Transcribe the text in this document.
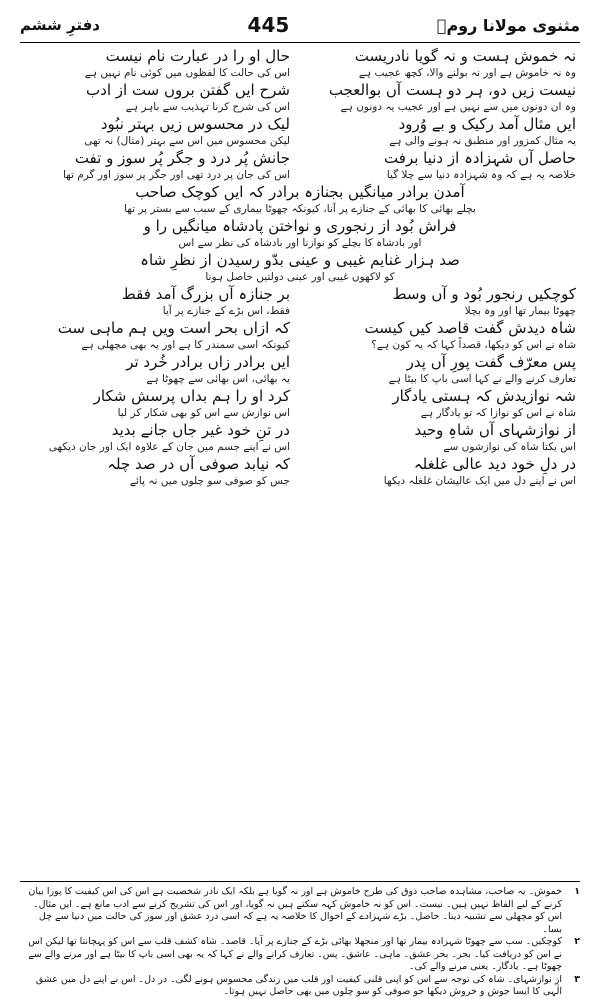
مثنوی مولانا رومؒ
445
دفترِ ششم
نہ خموش ہست و نہ گویا نادریست
وہ نہ خاموش ہے اور نہ بولنے والا، کچھ عجیب ہے
حال او را در عبارت نام نیست
اس کی حالت کا لفظوں میں کوئی نام نہیں ہے
نیست زیں دو، ہر دو ہست آں بوالعجب
وہ ان دونوں میں سے نہیں ہے اور عجیب یہ دونوں ہے
شرح ایں گفتن بروں ست از ادب
اس کی شرح کرنا تہذیب سے باہر ہے
ایں مثال آمد رکیک و بے وُرود
یہ مثال کمزور اور منطبق نہ ہونے والی ہے
لیک در محسوس زیں بہتر نبُود
لیکن محسوس میں اس سے بہتر (مثال) نہ تھی
حاصل آں شہزادہ از دنیا برفت
خلاصہ یہ ہے کہ وہ شہزادہ دنیا سے چلا گیا
جانش پُر درد و جگر پُر سوز و تفت
اس کی جان پر درد تھی اور جگر پر سوز اور گرم تھا
آمدن برادر میانگیں بجنازہ برادر کہ ایں کوچک صاحب
بچلے بھائی کا بھائی کے جنازے پر آنا، کیونکہ چھوٹا بیماری کے سبب سے بستر پر تھا
فراش بُود از رنجوری و نواختن پادشاہ میانگیں را و
اور بادشاہ کا بچلے کو نوازنا اور بادشاہ کی نظر سے اس
صد ہزار غنایم غیبی و عینی بدّو رسیدن از نظرِ شاہ
کو لاکھوں غیبی اور عینی دولتیں حاصل ہونا
کوچکیں رنجور بُود و آں وسط
چھوٹا بیمار تھا اور وہ بچلا
بر جنازہ آں بزرگ آمد فقط
فقط، اس بڑے کے جنازے پر آیا
شاہ دیدش گفت قاصد کیں کیست
شاہ نے اس کو دیکھا، قصداً کہا کہ یہ کون ہے؟
کہ ازاں بحر است ویں ہم ماہی ست
کیونکہ اسی سمندر کا ہے اور یہ بھی مچھلی ہے
پس معرّف گفت پورِ آں پدر
تعارف کرنے والے نے کہا اسی باپ کا بیٹا ہے
ایں برادر زاں برادر خُرد تر
یہ بھائی، اس بھائی سے چھوٹا ہے
شہ نوازیدش کہ ہستی یادگار
شاہ نے اس کو نوازا کہ تو یادگار ہے
کرد او را ہم بداں پرسش شکار
اس نوازش سے اس کو بھی شکار کر لیا
از نوازشہای آں شاہِ وحید
اس یکتا شاہ کی نوازشوں سے
در تنِ خود غیر جاں جانے بدید
اس نے اپنے جسم میں جان کے علاوہ ایک اور جان دیکھی
در دلِ خود دید عالی غلغلہ
اس نے اپنے دل میں ایک عالیشان غلغلہ دیکھا
کہ نیابد صوفی آں در صد چلہ
جس کو صوفی سو چلوں میں نہ پائے
۱
خموش۔ یہ صاحب، مشاہدہ صاحب ذوق کی طرح خاموش ہے اور نہ گویا ہے بلکہ ایک نادر شخصیت ہے اس کی اس کیفیت کا پورا بیان کرنے کے لیے الفاظ نہیں ہیں۔ نیست۔ اس کو نہ خاموش کہہ سکتے ہیں نہ گویا، اور اس کی تشریح کرنے سے ادب مانع ہے۔ ایں مثال۔ اس کو مچھلی سے تشبیہ دینا۔ حاصل۔ بڑے شہزادے کے احوال کا خلاصہ یہ ہے کہ اسی درد عشق اور سوز کی حالت میں دنیا سے چل بسا۔
۲
کوچکیں۔ سب سے چھوٹا شہزادہ بیمار تھا اور منجھلا بھائی بڑے کے جنازے پر آیا۔ قاصد۔ شاہ کشف قلب سے اس کو پہچانتا تھا لیکن اس نے اس کو دریافت کیا۔ بحر۔ بحر عشق۔ ماہی۔ عاشق۔ پس۔ تعارف کرانے والے نے کہا کہ یہ بھی اسی باپ کا بیٹا ہے اور مرنے والے سے چھوٹا ہے۔ یادگار۔ یعنی مرنے والے کی۔
۳
از نوازشہای۔ شاہ کی توجہ سے اس کو اپنی قلبی کیفیت اور قلب میں زندگی محسوس ہونے لگی۔ در دل۔ اس نے اپنے دل میں عشق الٰہی کا ایسا جوش و خروش دیکھا جو صوفی کو سو چلوں میں بھی حاصل نہیں ہوتا۔
